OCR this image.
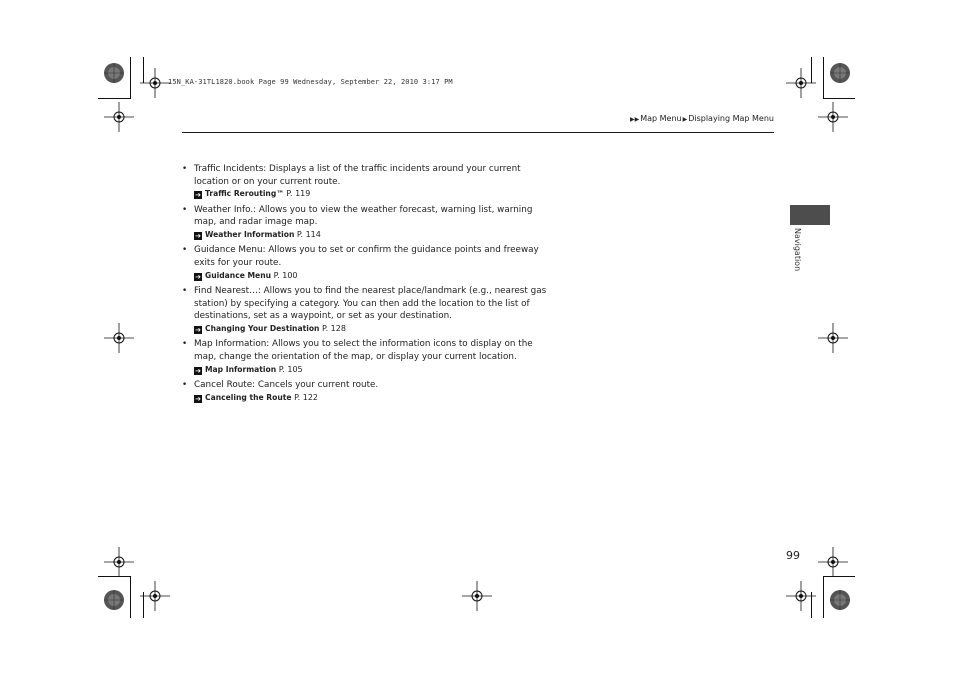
15N_KA-31TL1820.book Page 99 Wednesday, September 22, 2010 3:17 PM
▶▶Map Menu▶Displaying Map Menu
Navigation
• Traffic Incidents: Displays a list of the traffic incidents around your current location or on your current route.
➔ Traffic Rerouting™ P. 119
• Weather Info.: Allows you to view the weather forecast, warning list, warning map, and radar image map.
➔ Weather Information P. 114
• Guidance Menu: Allows you to set or confirm the guidance points and freeway exits for your route.
➔ Guidance Menu P. 100
• Find Nearest…: Allows you to find the nearest place/landmark (e.g., nearest gas station) by specifying a category. You can then add the location to the list of destinations, set as a waypoint, or set as your destination.
➔ Changing Your Destination P. 128
• Map Information: Allows you to select the information icons to display on the map, change the orientation of the map, or display your current location.
➔ Map Information P. 105
• Cancel Route: Cancels your current route.
➔ Canceling the Route P. 122
99
